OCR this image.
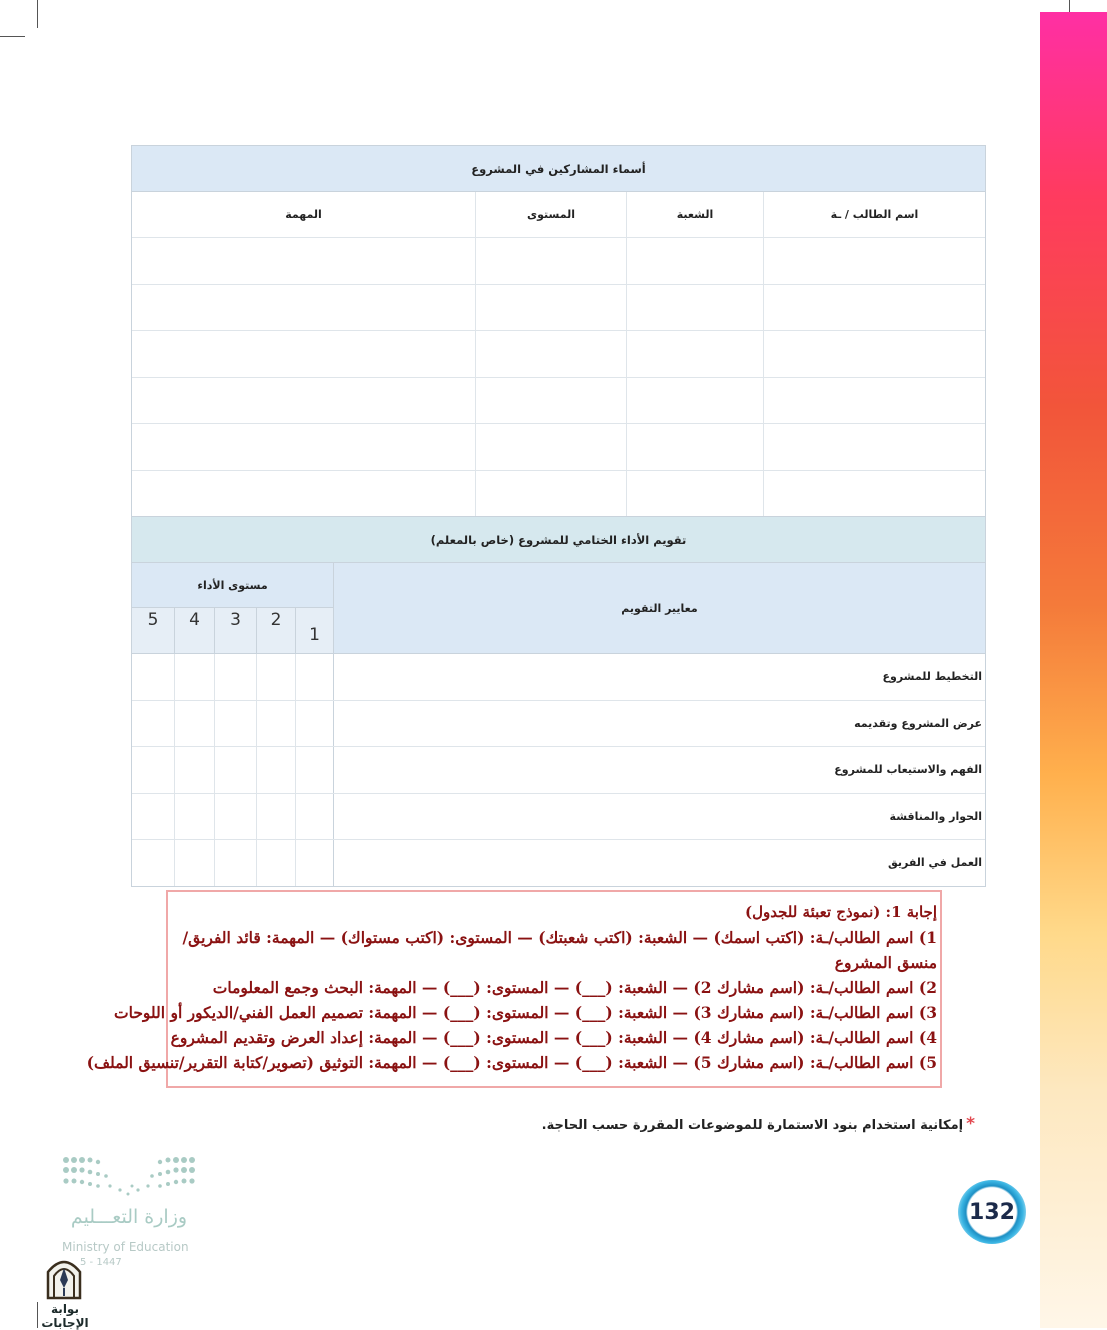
أسماء المشاركين في المشروع
اسم الطالب / ـة
الشعبة
المستوى
المهمة
تقويم الأداء الختامي للمشروع (خاص بالمعلم)
معايير التقويم
مستوى الأداء
1
2
3
4
5
التخطيط للمشروع
عرض المشروع وتقديمه
الفهم والاستيعاب للمشروع
الحوار والمناقشة
العمل في الفريق
إجابة 1: (نموذج تعبئة للجدول)
1) اسم الطالب/ـة: (اكتب اسمك) — الشعبة: (اكتب شعبتك) — المستوى: (اكتب مستواك) — المهمة: قائد الفريق/منسق المشروع
2) اسم الطالب/ـة: (اسم مشارك 2) — الشعبة: (___) — المستوى: (___) — المهمة: البحث وجمع المعلومات
3) اسم الطالب/ـة: (اسم مشارك 3) — الشعبة: (___) — المستوى: (___) — المهمة: تصميم العمل الفني/الديكور أو اللوحات
4) اسم الطالب/ـة: (اسم مشارك 4) — الشعبة: (___) — المستوى: (___) — المهمة: إعداد العرض وتقديم المشروع
5) اسم الطالب/ـة: (اسم مشارك 5) — الشعبة: (___) — المستوى: (___) — المهمة: التوثيق (تصوير/كتابة التقرير/تنسيق الملف)
*إمكانية استخدام بنود الاستمارة للموضوعات المقررة حسب الحاجة.
132
وزارة التعـــليم
Ministry of Education
5 - 1447
بوابة الإجابات
